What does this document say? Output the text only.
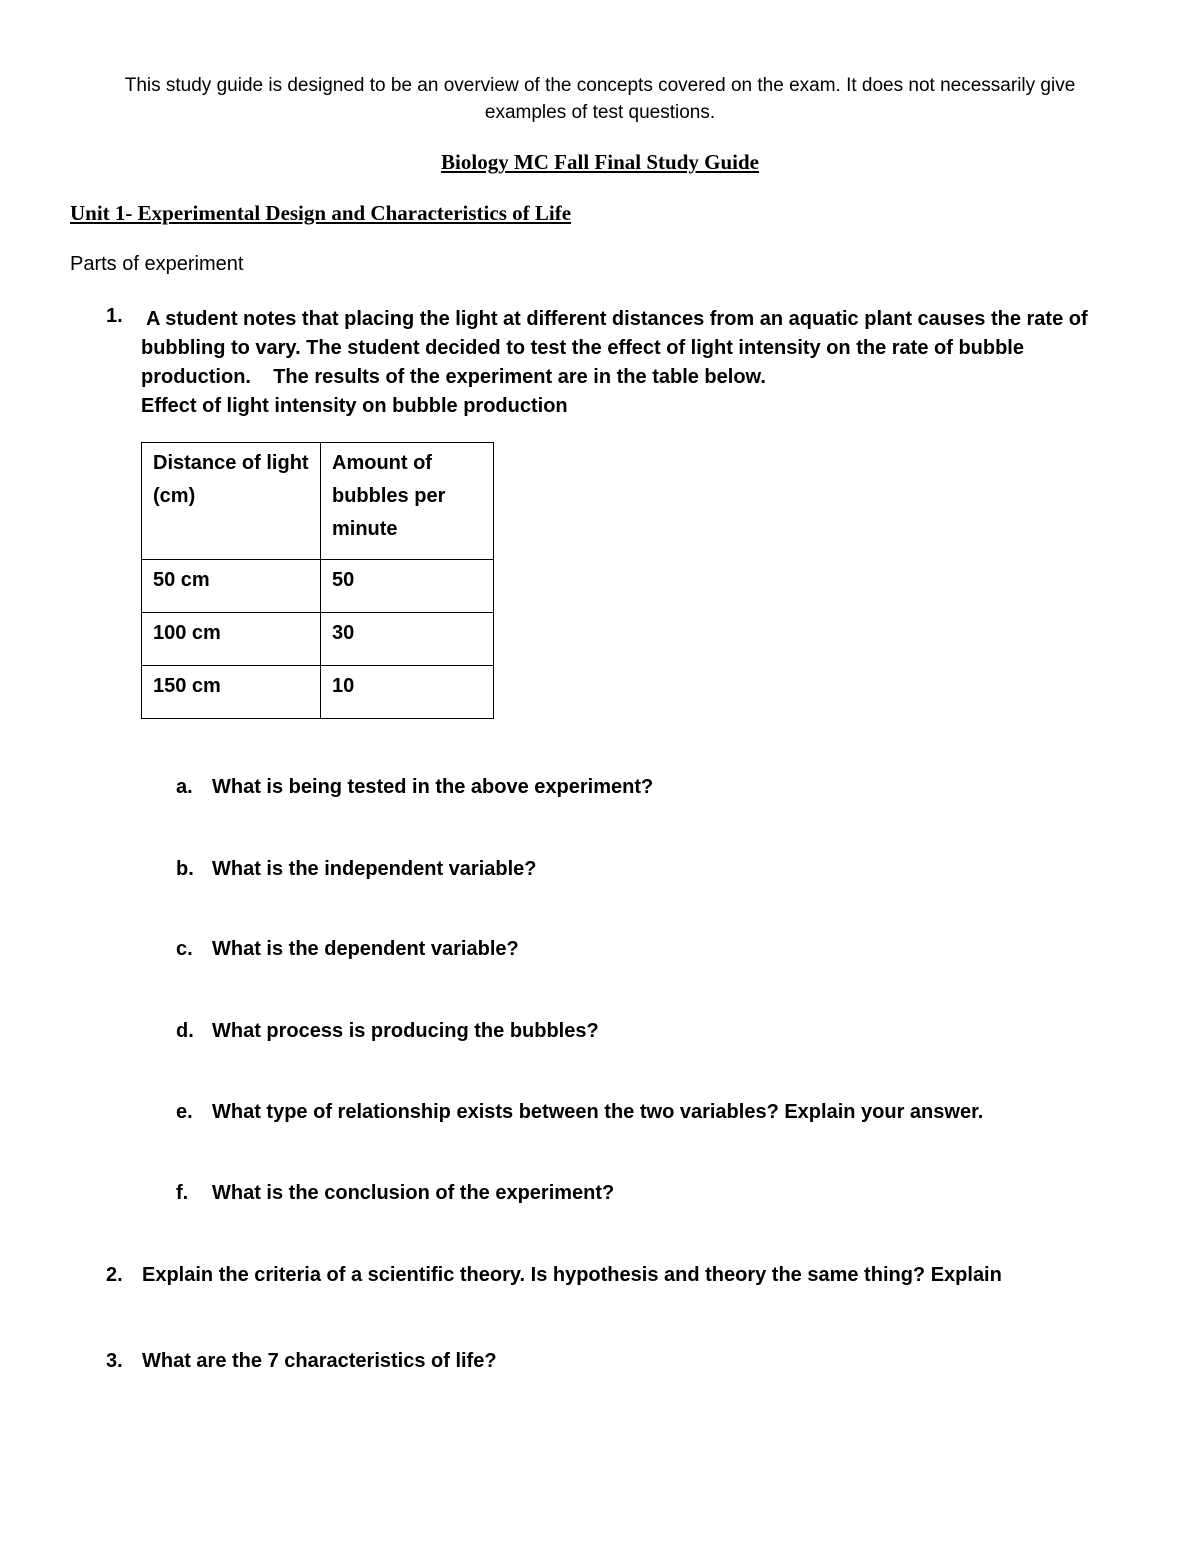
This study guide is designed to be an overview of the concepts covered on the exam. It does not necessarily give
examples of test questions.
Biology MC Fall Final Study Guide
Unit 1- Experimental Design and Characteristics of Life
Parts of experiment
1. A student notes that placing the light at different distances from an aquatic plant causes the rate of
bubbling to vary. The student decided to test the effect of light intensity on the rate of bubble
production.    The results of the experiment are in the table below.
Effect of light intensity on bubble production
Distance of light (cm)	Amount of bubbles per minute
50 cm	50
100 cm	30
150 cm	10
a. What is being tested in the above experiment?
b. What is the independent variable?
c. What is the dependent variable?
d. What process is producing the bubbles?
e. What type of relationship exists between the two variables? Explain your answer.
f. What is the conclusion of the experiment?
2. Explain the criteria of a scientific theory. Is hypothesis and theory the same thing? Explain
3. What are the 7 characteristics of life?
